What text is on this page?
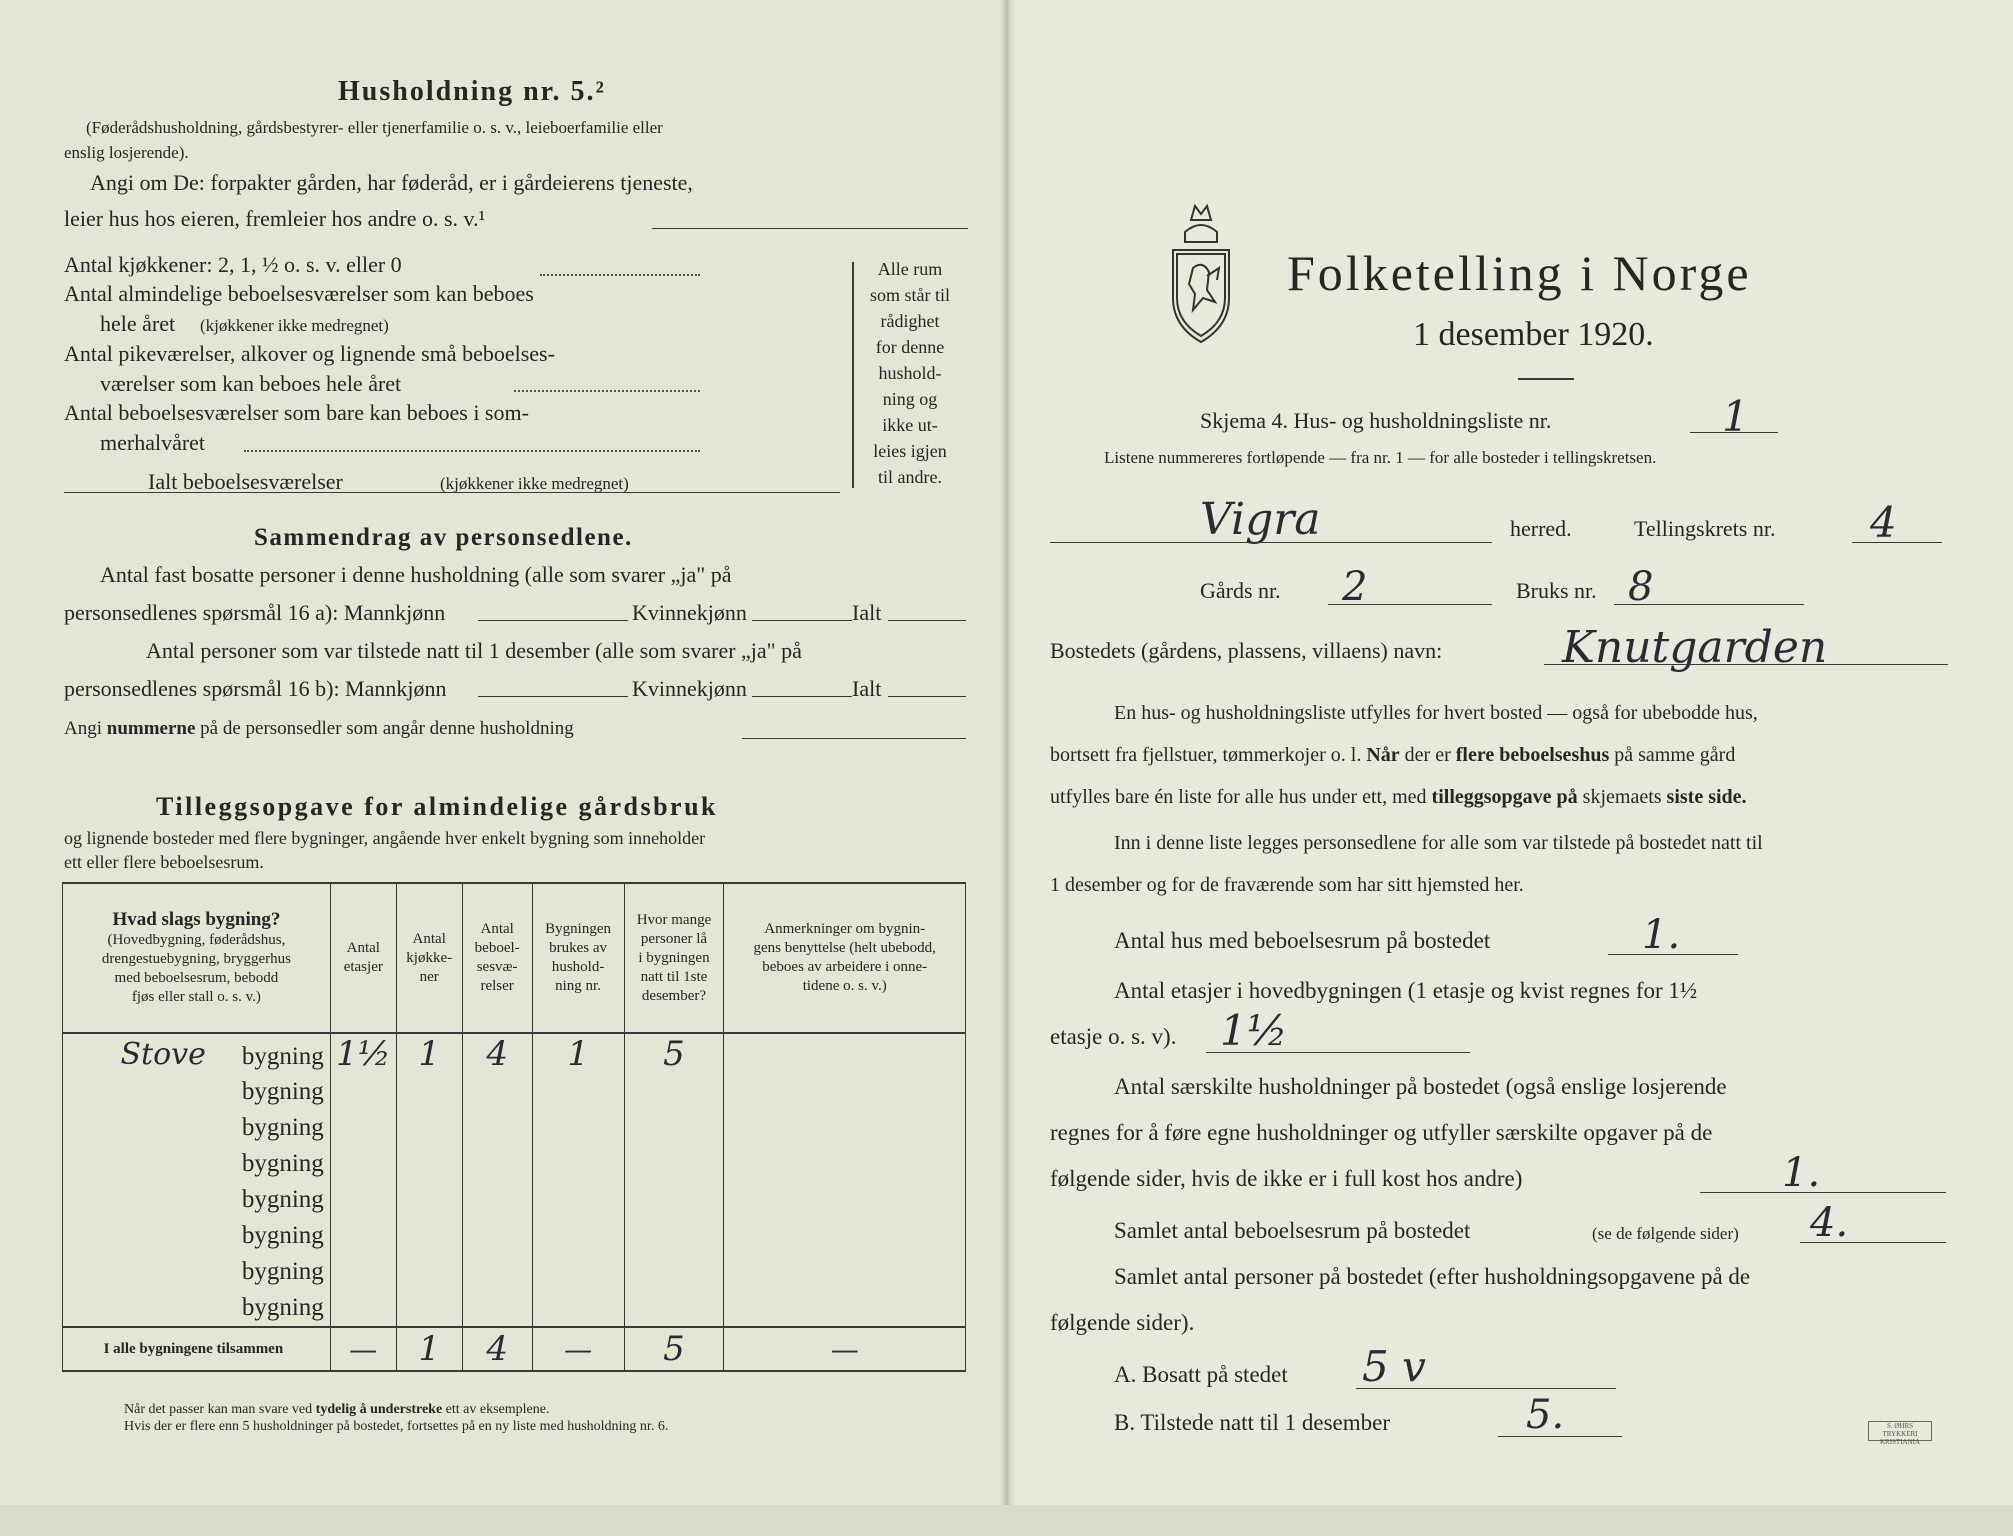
Husholdning nr. 5.²
(Føderådshusholdning, gårdsbestyrer- eller tjenerfamilie o. s. v., leieboerfamilie eller
enslig losjerende).
Angi om De: forpakter gården, har føderåd, er i gårdeierens tjeneste,
leier hus hos eieren, fremleier hos andre o. s. v.¹
Antal kjøkkener: 2, 1, ½ o. s. v. eller 0
Antal almindelige beboelsesværelser som kan beboes
hele året (kjøkkener ikke medregnet)
Antal pikeværelser, alkover og lignende små beboelses-
værelser som kan beboes hele året
Antal beboelsesværelser som bare kan beboes i som-
merhalvåret
Ialt beboelsesværelser	(kjøkkener ikke medregnet)
Alle rum
som står til
rådighet
for denne
hushold-
ning og
ikke ut-
leies igjen
til andre.
Sammendrag av personsedlene.
Antal fast bosatte personer i denne husholdning (alle som svarer „ja" på
personsedlenes spørsmål 16 a): Mannkjønn	Kvinnekjønn	Ialt
Antal personer som var tilstede natt til 1 desember (alle som svarer „ja" på
personsedlenes spørsmål 16 b): Mannkjønn	Kvinnekjønn	Ialt
Angi nummerne på de personsedler som angår denne husholdning
Tilleggsopgave for almindelige gårdsbruk
og lignende bosteder med flere bygninger, angående hver enkelt bygning som inneholder
ett eller flere beboelsesrum.
Hvad slags bygning?
(Hovedbygning, føderådshus,
drengestuebygning, bryggerhus
med beboelsesrum, bebodd
fjøs eller stall o. s. v.)	Antal
etasjer	Antal
kjøkke-
ner	Antal
beboel-
sesvæ-
relser	Bygningen
brukes av
hushold-
ning nr.	Hvor mange
personer lå
i bygningen
natt til 1ste
desember?	Anmerkninger om bygnin-
gens benyttelse (helt ubebodd,
beboes av arbeidere i onne-
tidene o. s. v.)
Stove bygning	1½	1	4	1	5	
bygning						
bygning						
bygning						
bygning						
bygning						
bygning						
bygning						
I alle bygningene tilsammen	—	1	4	—	5	—
Når det passer kan man svare ved tydelig å understreke ett av eksemplene.
Hvis der er flere enn 5 husholdninger på bostedet, fortsettes på en ny liste med husholdning nr. 6.
Folketelling i Norge
1 desember 1920.
Skjema 4. Hus- og husholdningsliste nr.	1
Listene nummereres fortløpende — fra nr. 1 — for alle bosteder i tellingskretsen.
Vigra	herred.	Tellingskrets nr. 4
Gårds nr. 2	Bruks nr. 8
Bostedets (gårdens, plassens, villaens) navn:	Knutgarden
En hus- og husholdningsliste utfylles for hvert bosted — også for ubebodde hus,
bortsett fra fjellstuer, tømmerkojer o. l. Når der er flere beboelseshus på samme gård
utfylles bare én liste for alle hus under ett, med tilleggsopgave på skjemaets siste side.
Inn i denne liste legges personsedlene for alle som var tilstede på bostedet natt til
1 desember og for de fraværende som har sitt hjemsted her.
Antal hus med beboelsesrum på bostedet	1.
Antal etasjer i hovedbygningen (1 etasje og kvist regnes for 1½
etasje o. s. v). 1½
Antal særskilte husholdninger på bostedet (også enslige losjerende
regnes for å føre egne husholdninger og utfyller særskilte opgaver på de
følgende sider, hvis de ikke er i full kost hos andre)	1.
Samlet antal beboelsesrum på bostedet	(se de følgende sider) 4.
Samlet antal personer på bostedet (efter husholdningsopgavene på de
følgende sider).
A. Bosatt på stedet 5 v
B. Tilstede natt til 1 desember	5.	S. ØHRS TRYKKERI KRISTIANIA
